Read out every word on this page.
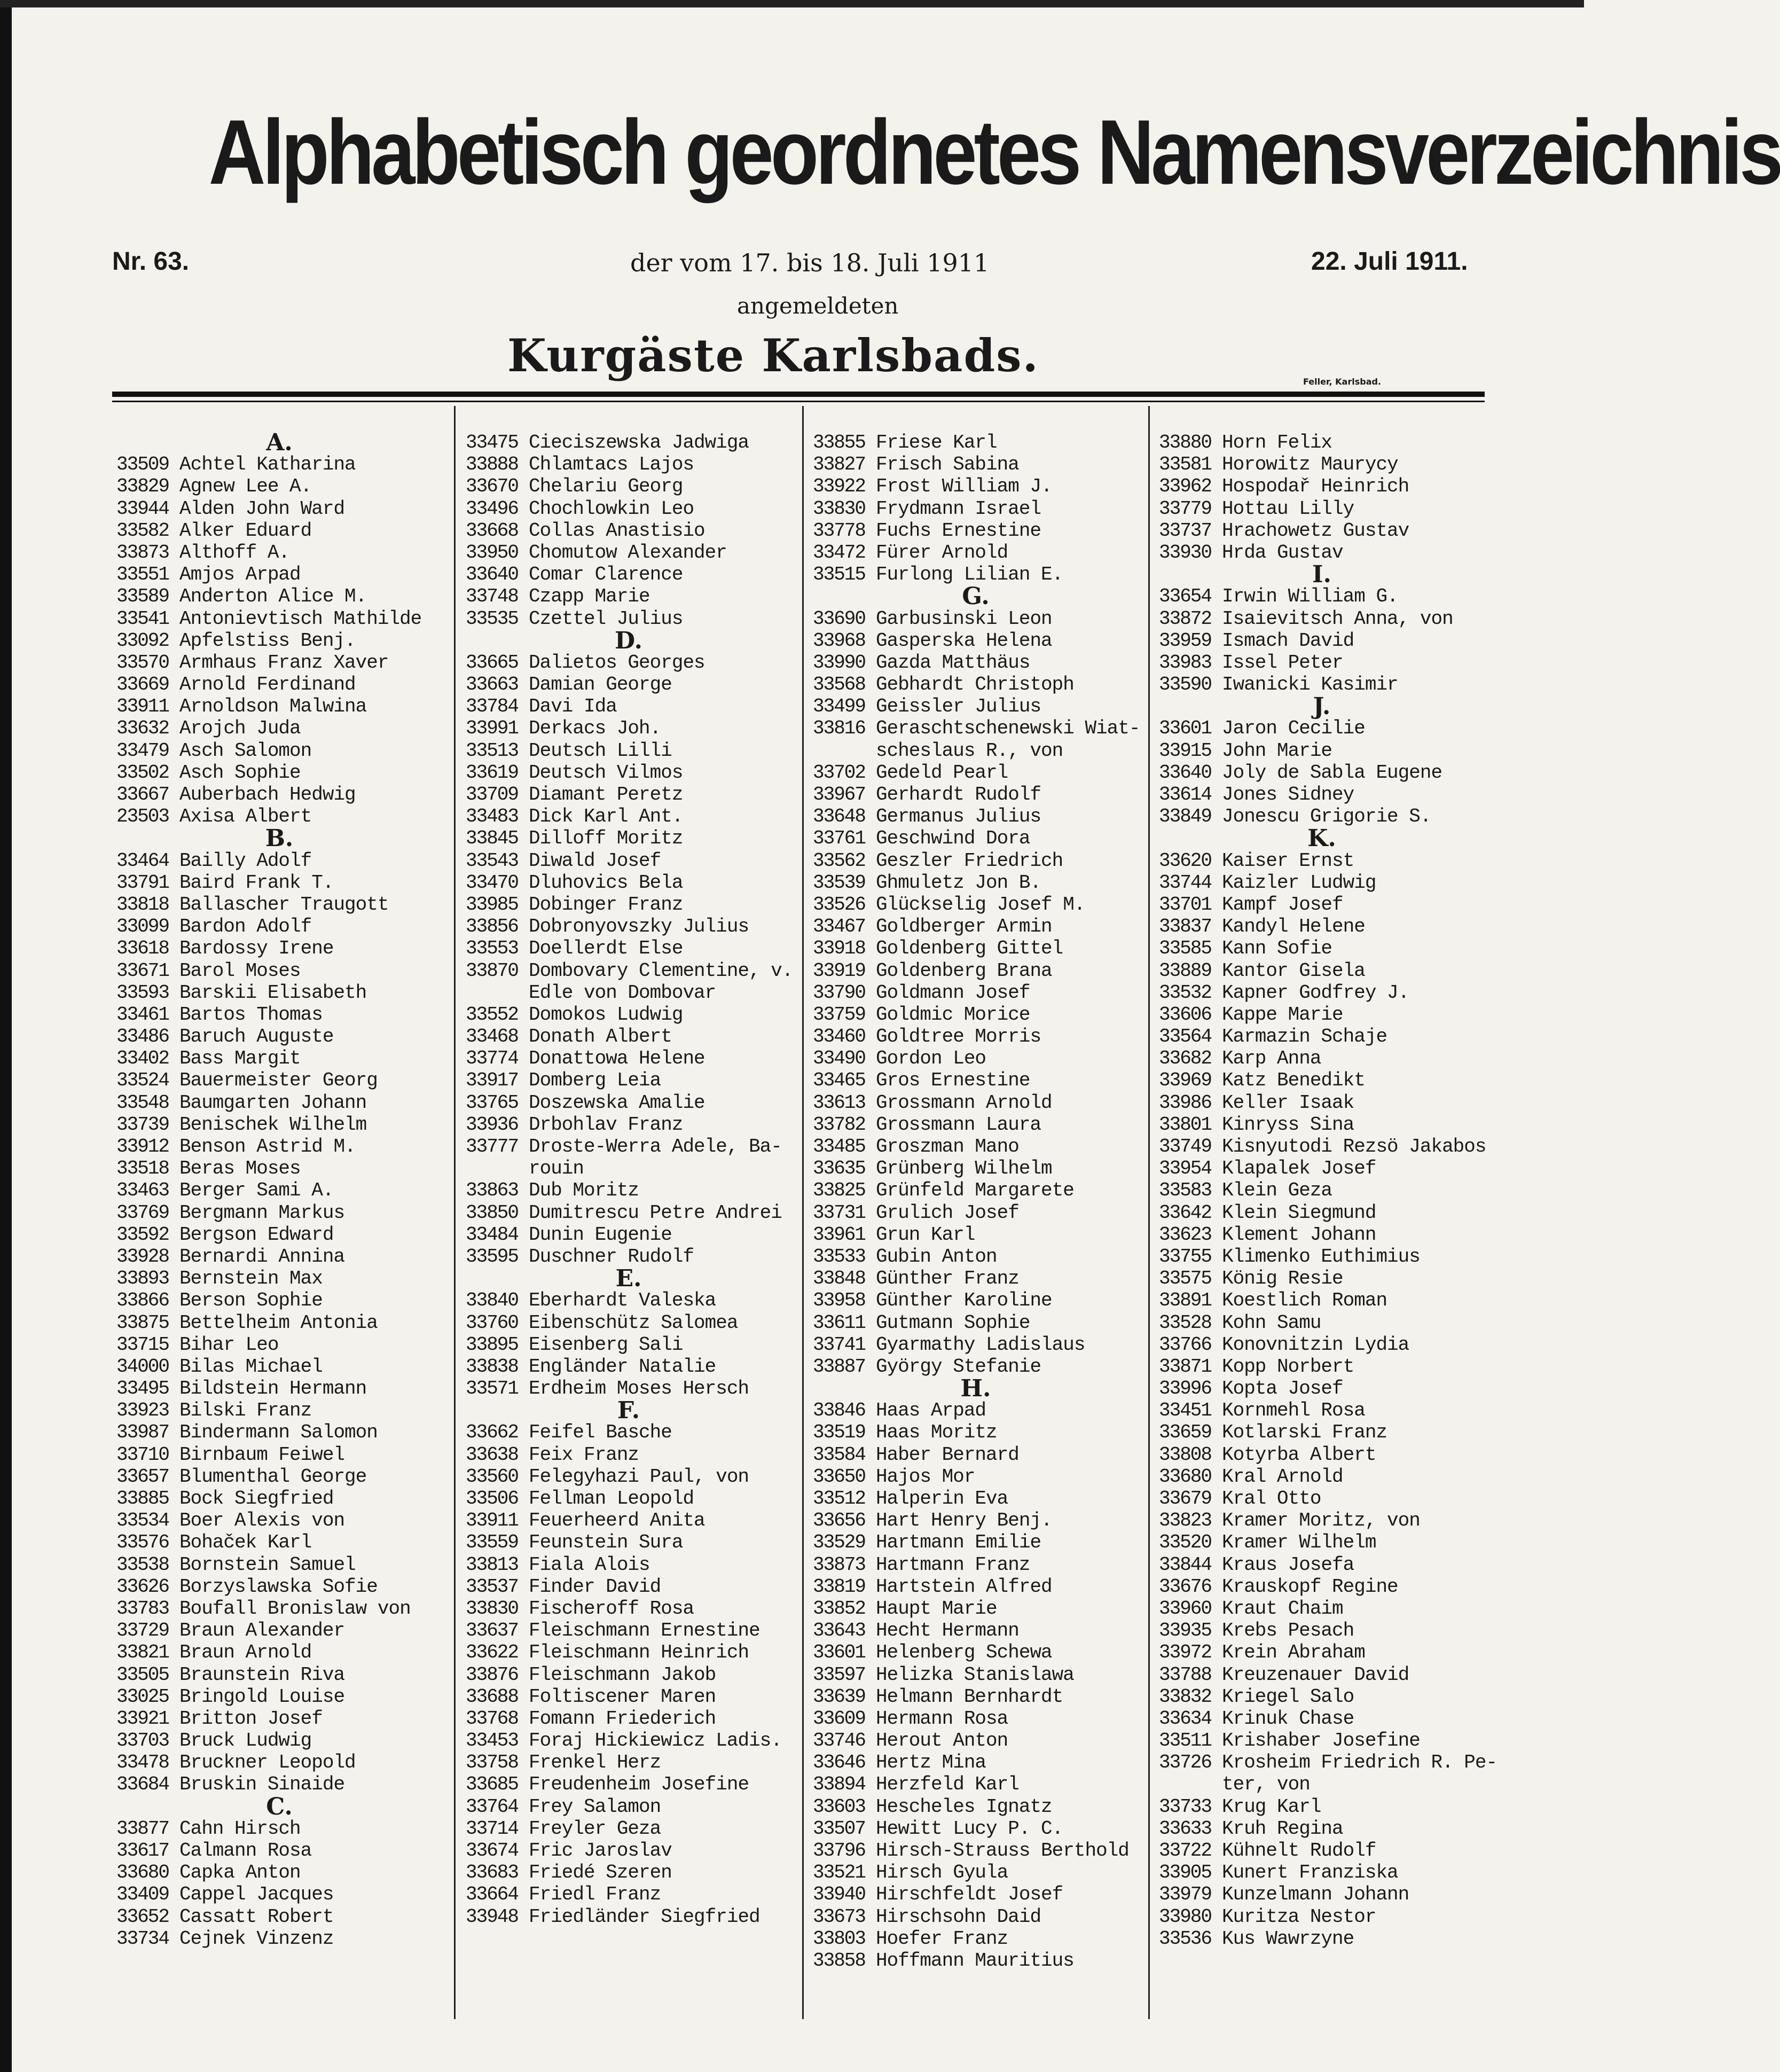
Alphabetisch geordnetes Namensverzeichnis
Nr. 63.	der vom 17. bis 18. Juli 1911	22. Juli 1911.
angemeldeten
Kurgäste Karlsbads.	Feller, Karlsbad.
A.
33509 Achtel Katharina
33829 Agnew Lee A.
33944 Alden John Ward
33582 Alker Eduard
33873 Althoff A.
33551 Amjos Arpad
33589 Anderton Alice M.
33541 Antonievtisch Mathilde
33092 Apfelstiss Benj.
33570 Armhaus Franz Xaver
33669 Arnold Ferdinand
33911 Arnoldson Malwina
33632 Arojch Juda
33479 Asch Salomon
33502 Asch Sophie
33667 Auberbach Hedwig
23503 Axisa Albert
B.
33464 Bailly Adolf
33791 Baird Frank T.
33818 Ballascher Traugott
33099 Bardon Adolf
33618 Bardossy Irene
33671 Barol Moses
33593 Barskii Elisabeth
33461 Bartos Thomas
33486 Baruch Auguste
33402 Bass Margit
33524 Bauermeister Georg
33548 Baumgarten Johann
33739 Benischek Wilhelm
33912 Benson Astrid M.
33518 Beras Moses
33463 Berger Sami A.
33769 Bergmann Markus
33592 Bergson Edward
33928 Bernardi Annina
33893 Bernstein Max
33866 Berson Sophie
33875 Bettelheim Antonia
33715 Bihar Leo
34000 Bilas Michael
33495 Bildstein Hermann
33923 Bilski Franz
33987 Bindermann Salomon
33710 Birnbaum Feiwel
33657 Blumenthal George
33885 Bock Siegfried
33534 Boer Alexis von
33576 Bohaček Karl
33538 Bornstein Samuel
33626 Borzyslawska Sofie
33783 Boufall Bronislaw von
33729 Braun Alexander
33821 Braun Arnold
33505 Braunstein Riva
33025 Bringold Louise
33921 Britton Josef
33703 Bruck Ludwig
33478 Bruckner Leopold
33684 Bruskin Sinaide
C.
33877 Cahn Hirsch
33617 Calmann Rosa
33680 Capka Anton
33409 Cappel Jacques
33652 Cassatt Robert
33734 Cejnek Vinzenz
33475 Cieciszewska Jadwiga
33888 Chlamtacs Lajos
33670 Chelariu Georg
33496 Chochlowkin Leo
33668 Collas Anastisio
33950 Chomutow Alexander
33640 Comar Clarence
33748 Czapp Marie
33535 Czettel Julius
D.
33665 Dalietos Georges
33663 Damian George
33784 Davi Ida
33991 Derkacs Joh.
33513 Deutsch Lilli
33619 Deutsch Vilmos
33709 Diamant Peretz
33483 Dick Karl Ant.
33845 Dilloff Moritz
33543 Diwald Josef
33470 Dluhovics Bela
33985 Dobinger Franz
33856 Dobronyovszky Julius
33553 Doellerdt Else
33870 Dombovary Clementine, v.
Edle von Dombovar
33552 Domokos Ludwig
33468 Donath Albert
33774 Donattowa Helene
33917 Domberg Leia
33765 Doszewska Amalie
33936 Drbohlav Franz
33777 Droste-Werra Adele, Ba-
rouin
33863 Dub Moritz
33850 Dumitrescu Petre Andrei
33484 Dunin Eugenie
33595 Duschner Rudolf
E.
33840 Eberhardt Valeska
33760 Eibenschütz Salomea
33895 Eisenberg Sali
33838 Engländer Natalie
33571 Erdheim Moses Hersch
F.
33662 Feifel Basche
33638 Feix Franz
33560 Felegyhazi Paul, von
33506 Fellman Leopold
33911 Feuerheerd Anita
33559 Feunstein Sura
33813 Fiala Alois
33537 Finder David
33830 Fischeroff Rosa
33637 Fleischmann Ernestine
33622 Fleischmann Heinrich
33876 Fleischmann Jakob
33688 Foltiscener Maren
33768 Fomann Friederich
33453 Foraj Hickiewicz Ladis.
33758 Frenkel Herz
33685 Freudenheim Josefine
33764 Frey Salamon
33714 Freyler Geza
33674 Fric Jaroslav
33683 Friedé Szeren
33664 Friedl Franz
33948 Friedländer Siegfried
33855 Friese Karl
33827 Frisch Sabina
33922 Frost William J.
33830 Frydmann Israel
33778 Fuchs Ernestine
33472 Fürer Arnold
33515 Furlong Lilian E.
G.
33690 Garbusinski Leon
33968 Gasperska Helena
33990 Gazda Matthäus
33568 Gebhardt Christoph
33499 Geissler Julius
33816 Geraschtschenewski Wiat-
scheslaus R., von
33702 Gedeld Pearl
33967 Gerhardt Rudolf
33648 Germanus Julius
33761 Geschwind Dora
33562 Geszler Friedrich
33539 Ghmuletz Jon B.
33526 Glückselig Josef M.
33467 Goldberger Armin
33918 Goldenberg Gittel
33919 Goldenberg Brana
33790 Goldmann Josef
33759 Goldmic Morice
33460 Goldtree Morris
33490 Gordon Leo
33465 Gros Ernestine
33613 Grossmann Arnold
33782 Grossmann Laura
33485 Groszman Mano
33635 Grünberg Wilhelm
33825 Grünfeld Margarete
33731 Grulich Josef
33961 Grun Karl
33533 Gubin Anton
33848 Günther Franz
33958 Günther Karoline
33611 Gutmann Sophie
33741 Gyarmathy Ladislaus
33887 György Stefanie
H.
33846 Haas Arpad
33519 Haas Moritz
33584 Haber Bernard
33650 Hajos Mor
33512 Halperin Eva
33656 Hart Henry Benj.
33529 Hartmann Emilie
33873 Hartmann Franz
33819 Hartstein Alfred
33852 Haupt Marie
33643 Hecht Hermann
33601 Helenberg Schewa
33597 Helizka Stanislawa
33639 Helmann Bernhardt
33609 Hermann Rosa
33746 Herout Anton
33646 Hertz Mina
33894 Herzfeld Karl
33603 Hescheles Ignatz
33507 Hewitt Lucy P. C.
33796 Hirsch-Strauss Berthold
33521 Hirsch Gyula
33940 Hirschfeldt Josef
33673 Hirschsohn Daid
33803 Hoefer Franz
33858 Hoffmann Mauritius
33880 Horn Felix
33581 Horowitz Maurycy
33962 Hospodař Heinrich
33779 Hottau Lilly
33737 Hrachowetz Gustav
33930 Hrda Gustav
I.
33654 Irwin William G.
33872 Isaievitsch Anna, von
33959 Ismach David
33983 Issel Peter
33590 Iwanicki Kasimir
J.
33601 Jaron Cecilie
33915 John Marie
33640 Joly de Sabla Eugene
33614 Jones Sidney
33849 Jonescu Grigorie S.
K.
33620 Kaiser Ernst
33744 Kaizler Ludwig
33701 Kampf Josef
33837 Kandyl Helene
33585 Kann Sofie
33889 Kantor Gisela
33532 Kapner Godfrey J.
33606 Kappe Marie
33564 Karmazin Schaje
33682 Karp Anna
33969 Katz Benedikt
33986 Keller Isaak
33801 Kinryss Sina
33749 Kisnyutodi Rezsö Jakabos
33954 Klapalek Josef
33583 Klein Geza
33642 Klein Siegmund
33623 Klement Johann
33755 Klimenko Euthimius
33575 König Resie
33891 Koestlich Roman
33528 Kohn Samu
33766 Konovnitzin Lydia
33871 Kopp Norbert
33996 Kopta Josef
33451 Kornmehl Rosa
33659 Kotlarski Franz
33808 Kotyrba Albert
33680 Kral Arnold
33679 Kral Otto
33823 Kramer Moritz, von
33520 Kramer Wilhelm
33844 Kraus Josefa
33676 Krauskopf Regine
33960 Kraut Chaim
33935 Krebs Pesach
33972 Krein Abraham
33788 Kreuzenauer David
33832 Kriegel Salo
33634 Krinuk Chase
33511 Krishaber Josefine
33726 Krosheim Friedrich R. Pe-
ter, von
33733 Krug Karl
33633 Kruh Regina
33722 Kühnelt Rudolf
33905 Kunert Franziska
33979 Kunzelmann Johann
33980 Kuritza Nestor
33536 Kus Wawrzyne
